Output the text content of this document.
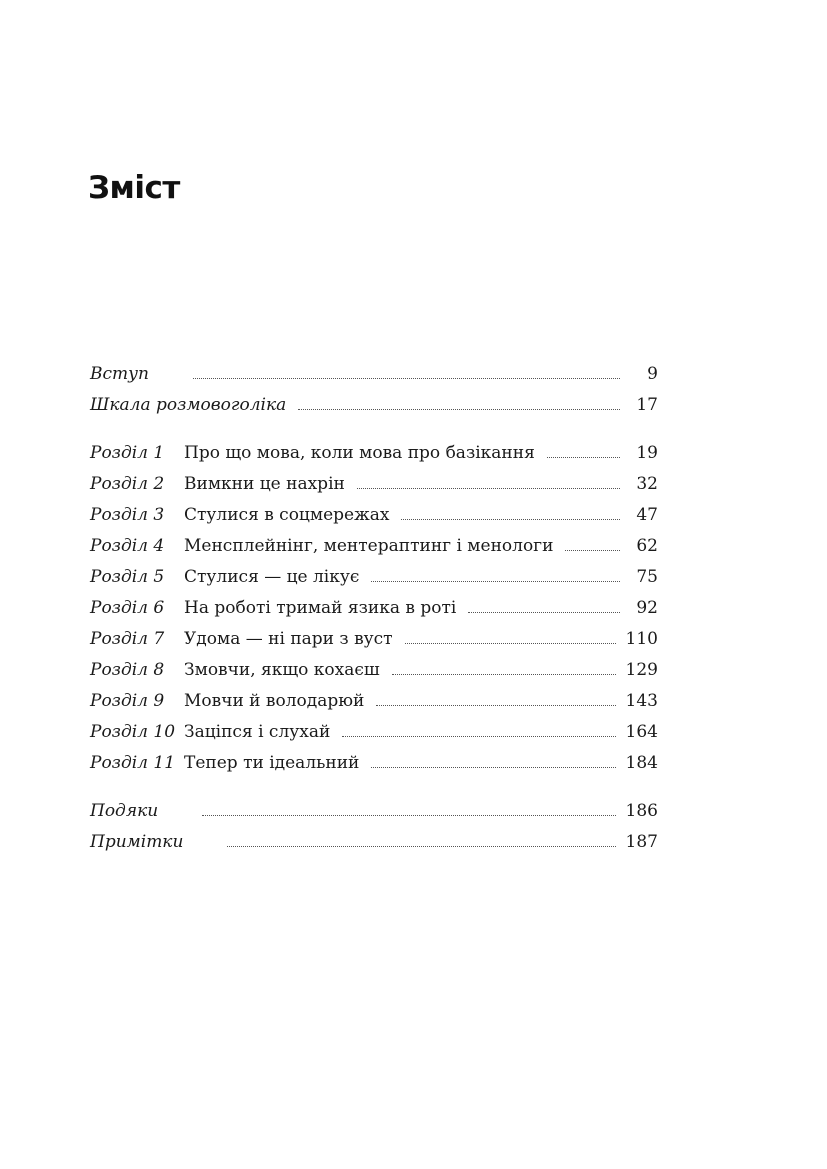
Зміст
Вступ	9
Шкала розмовоголіка	17
Розділ 1	Про що мова, коли мова про базікання	19
Розділ 2	Вимкни це нахрін	32
Розділ 3	Стулися в соцмережах	47
Розділ 4	Менсплейнінг, ментераптинг і менологи	62
Розділ 5	Стулися — це лікує	75
Розділ 6	На роботі тримай язика в роті	92
Розділ 7	Удома — ні пари з вуст	110
Розділ 8	Змовчи, якщо кохаєш	129
Розділ 9	Мовчи й володарюй	143
Розділ 10 Заціпся і слухай	164
Розділ 11 Тепер ти ідеальний	184
Подяки	186
Примітки	187
